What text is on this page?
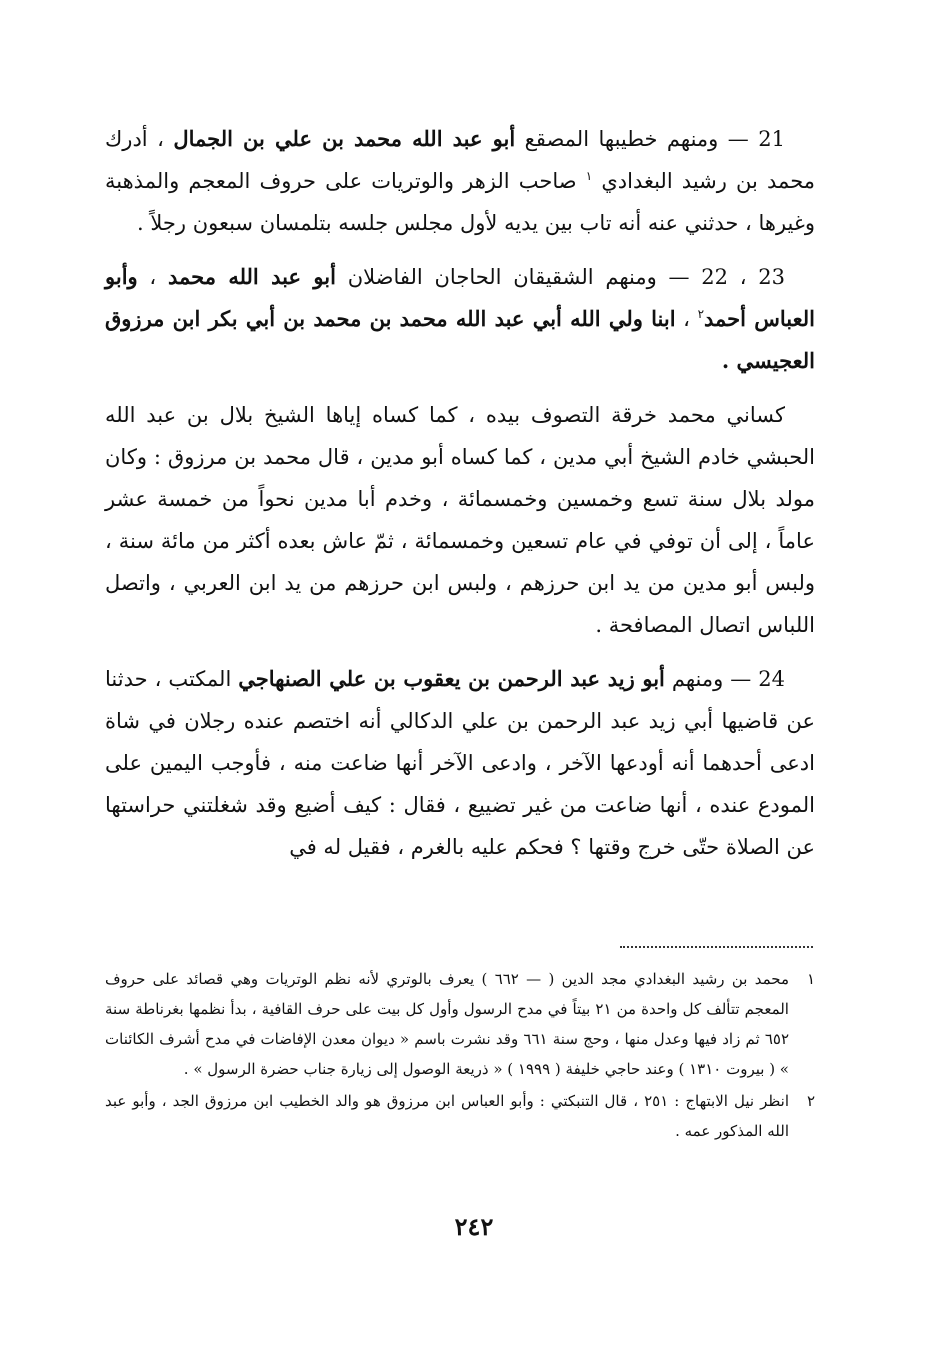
21 — ومنهم خطيبها المصقع أبو عبد الله محمد بن علي بن الجمال ، أدرك محمد بن رشيد البغدادي $^١$ صاحب الزهر والوتريات على حروف المعجم والمذهبة وغيرها ، حدثني عنه أنه تاب بين يديه لأول مجلس جلسه بتلمسان سبعون رجلاً .

22 ، 23 — ومنهم الشقيقان الحاجان الفاضلان أبو عبد الله محمد ، وأبو العباس أحمد$^٢$ ، ابنا ولي الله أبي عبد الله محمد بن محمد بن أبي بكر ابن مرزوق العجيسي .

كساني محمد خرقة التصوف بيده ، كما كساه إياها الشيخ بلال بن عبد الله الحبشي خادم الشيخ أبي مدين ، كما كساه أبو مدين ، قال محمد بن مرزوق : وكان مولد بلال سنة تسع وخمسين وخمسمائة ، وخدم أبا مدين نحواً من خمسة عشر عاماً ، إلى أن توفي في عام تسعين وخمسمائة ، ثمّ عاش بعده أكثر من مائة سنة ، ولبس أبو مدين من يد ابن حرزهم ، ولبس ابن حرزهم من يد ابن العربي ، واتصل اللباس اتصال المصافحة .

24 — ومنهم أبو زيد عبد الرحمن بن يعقوب بن علي الصنهاجي المكتب ، حدثنا عن قاضيها أبي زيد عبد الرحمن بن علي الدكالي أنه اختصم عنده رجلان في شاة ادعى أحدهما أنه أودعها الآخر ، وادعى الآخر أنها ضاعت منه ، فأوجب اليمين على المودع عنده ، أنها ضاعت من غير تضييع ، فقال : كيف أضيع وقد شغلتني حراستها عن الصلاة حتّى خرج وقتها ؟ فحكم عليه بالغرم ، فقيل له في

١
محمد بن رشيد البغدادي مجد الدين ( — ٦٦٢ ) يعرف بالوتري لأنه نظم الوتريات وهي قصائد على حروف المعجم تتألف كل واحدة من ٢١ بيتاً في مدح الرسول وأول كل بيت على حرف القافية ، بدأ نظمها بغرناطة سنة ٦٥٢ ثم زاد فيها وعدل منها ، وحج سنة ٦٦١ وقد نشرت باسم « ديوان معدن الإفاضات في مدح أشرف الكائنات » ( بيروت ١٣١٠ ) وعند حاجي خليفة ( ١٩٩٩ ) « ذريعة الوصول إلى زيارة جناب حضرة الرسول » .
٢
انظر نيل الابتهاج : ٢٥١ ، قال التنبكتي : وأبو العباس ابن مرزوق هو والد الخطيب ابن مرزوق الجد ، وأبو عبد الله المذكور عمه .
٢٤٢
